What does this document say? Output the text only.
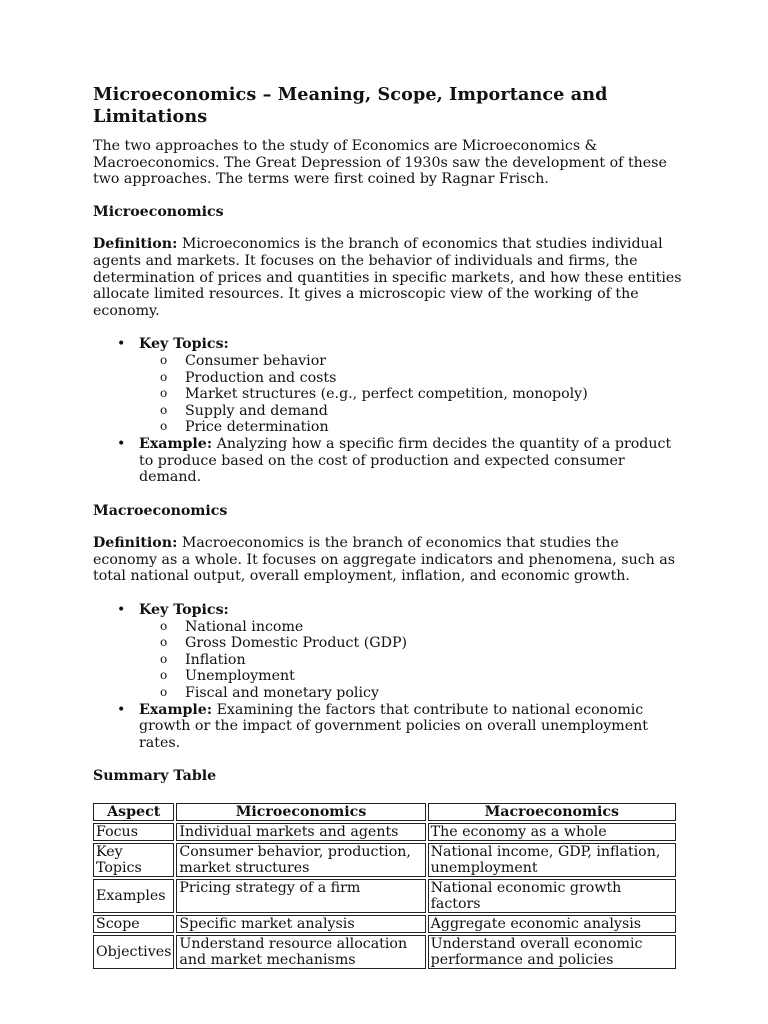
Microeconomics – Meaning, Scope, Importance and Limitations

The two approaches to the study of Economics are Microeconomics & Macroeconomics. The Great Depression of 1930s saw the development of these two approaches. The terms were first coined by Ragnar Frisch.

Microeconomics

Definition: Microeconomics is the branch of economics that studies individual agents and markets. It focuses on the behavior of individuals and firms, the determination of prices and quantities in specific markets, and how these entities allocate limited resources. It gives a microscopic view of the working of the economy.

• Key Topics:
o Consumer behavior
o Production and costs
o Market structures (e.g., perfect competition, monopoly)
o Supply and demand
o Price determination
• Example: Analyzing how a specific firm decides the quantity of a product to produce based on the cost of production and expected consumer demand.
Macroeconomics

Definition: Macroeconomics is the branch of economics that studies the economy as a whole. It focuses on aggregate indicators and phenomena, such as total national output, overall employment, inflation, and economic growth.

• Key Topics:
o National income
o Gross Domestic Product (GDP)
o Inflation
o Unemployment
o Fiscal and monetary policy
• Example: Examining the factors that contribute to national economic growth or the impact of government policies on overall unemployment rates.
Summary Table
Aspect	Microeconomics	Macroeconomics
Focus	Individual markets and agents	The economy as a whole
Key Topics	Consumer behavior, production, market structures	National income, GDP, inflation, unemployment
Examples	Pricing strategy of a firm	National economic growth factors
Scope	Specific market analysis	Aggregate economic analysis
Objectives	Understand resource allocation and market mechanisms	Understand overall economic performance and policies
